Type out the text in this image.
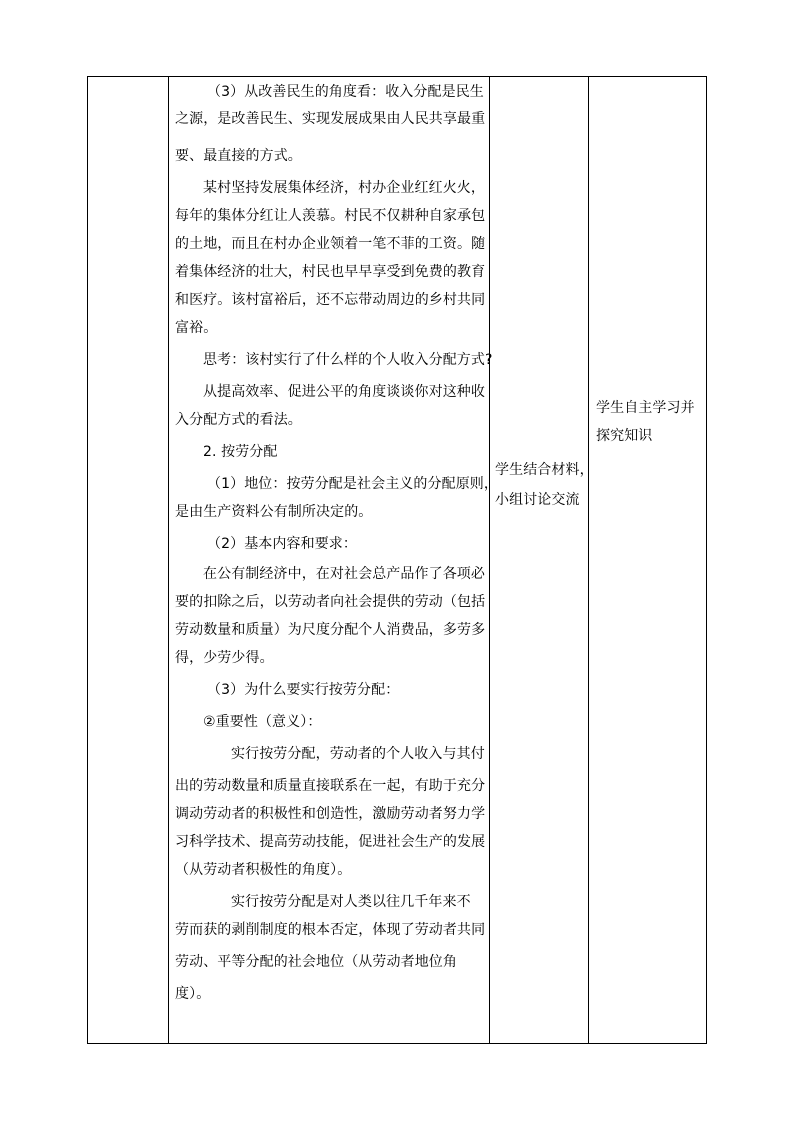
（3）从改善民生的角度看：收入分配是民生
之源，是改善民生、实现发展成果由人民共享最重
要、最直接的方式。
某村坚持发展集体经济，村办企业红红火火，
每年的集体分红让人羡慕。村民不仅耕种自家承包
的土地，而且在村办企业领着一笔不菲的工资。随
着集体经济的壮大，村民也早早享受到免费的教育
和医疗。该村富裕后，还不忘带动周边的乡村共同
富裕。
思考：该村实行了什么样的个人收入分配方式?
从提高效率、促进公平的角度谈谈你对这种收
入分配方式的看法。
2. 按劳分配
（1）地位：按劳分配是社会主义的分配原则，
是由生产资料公有制所决定的。
（2）基本内容和要求：
在公有制经济中，在对社会总产品作了各项必
要的扣除之后，以劳动者向社会提供的劳动（包括
劳动数量和质量）为尺度分配个人消费品，多劳多
得，少劳少得。
（3）为什么要实行按劳分配：
②重要性（意义）：
实行按劳分配，劳动者的个人收入与其付
出的劳动数量和质量直接联系在一起，有助于充分
调动劳动者的积极性和创造性，激励劳动者努力学
习科学技术、提高劳动技能，促进社会生产的发展
（从劳动者积极性的角度）。
实行按劳分配是对人类以往几千年来不
劳而获的剥削制度的根本否定，体现了劳动者共同
劳动、平等分配的社会地位（从劳动者地位角
度）。
学生结合材料，
小组讨论交流
学生自主学习并
探究知识
